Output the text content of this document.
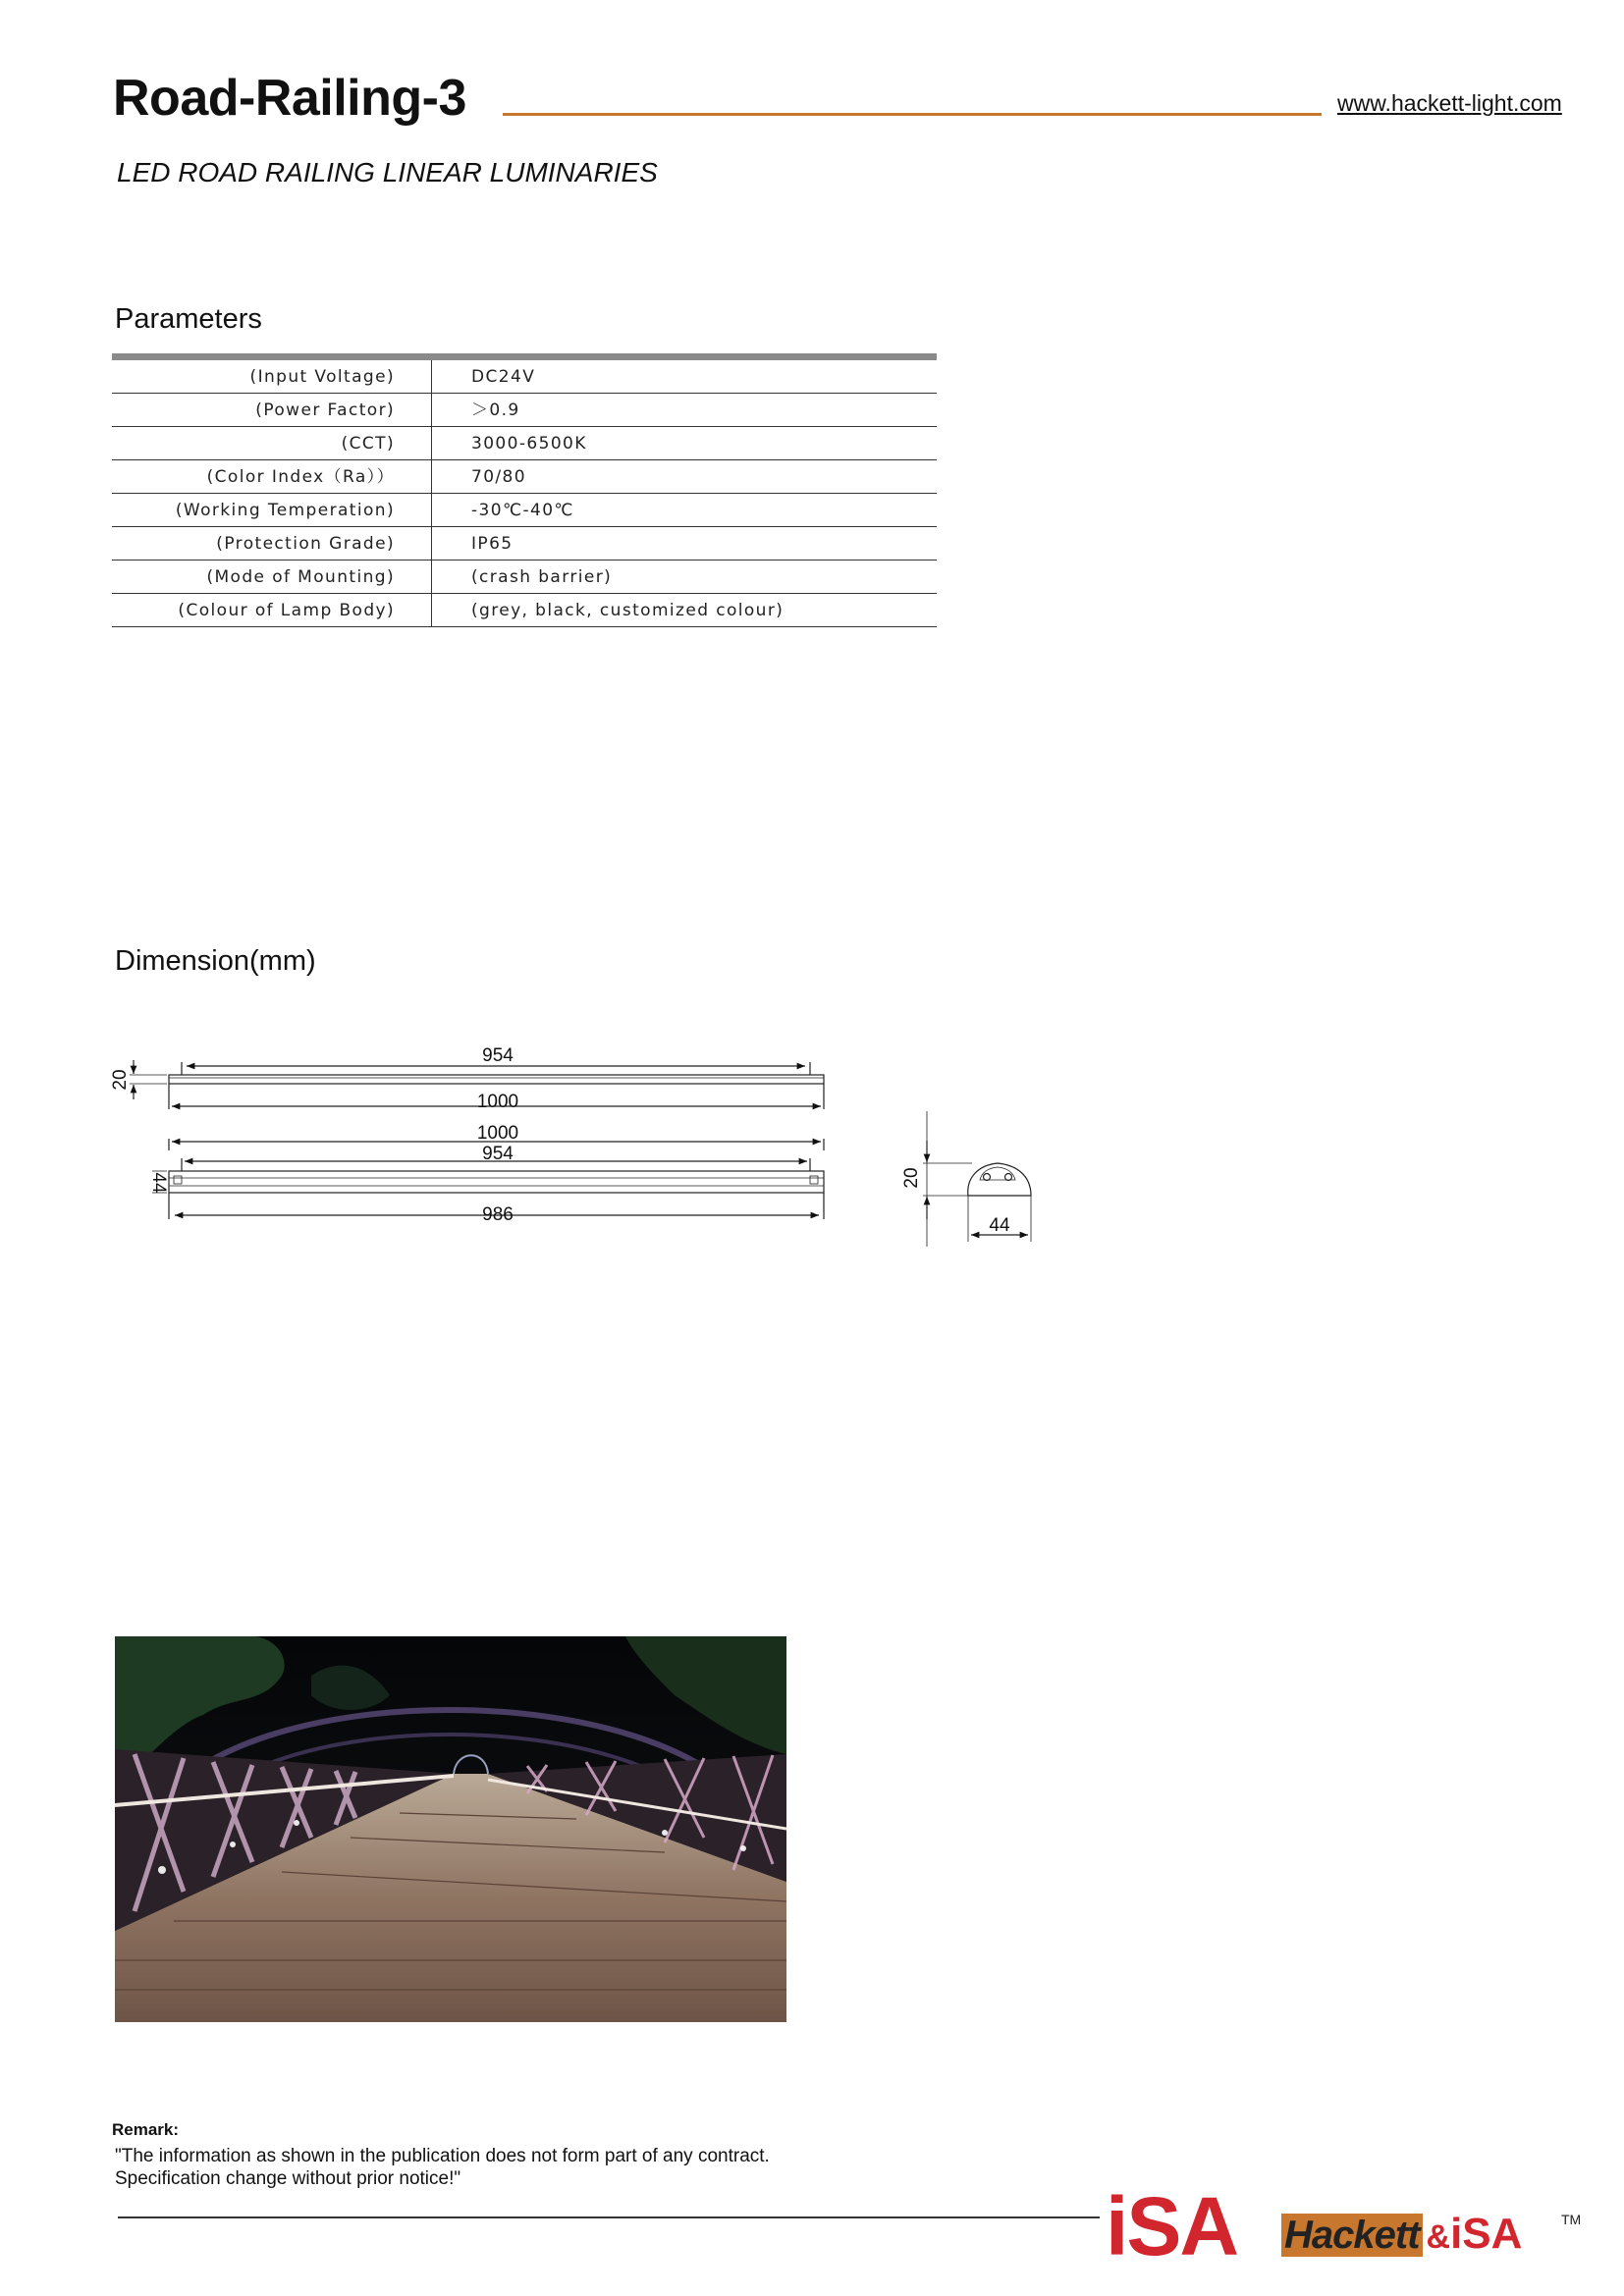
Road-Railing-3	www.hackett-light.com
LED ROAD RAILING LINEAR LUMINARIES
Parameters
(Input Voltage)	DC24V
(Power Factor)	＞0.9
(CCT)	3000-6500K
(Color Index（Ra））	70/80
(Working Temperation)	-30℃-40℃
(Protection Grade)	IP65
(Mode of Mounting)	(crash barrier)
(Colour of Lamp Body)	(grey, black, customized colour)
Dimension(mm)
954
1000
20
1000
954
986
44	20
44
Remark:
"The information as shown in the publication does not form part of any contract.
Specification change without prior notice!"
iSA Hackett &iSA	TM
